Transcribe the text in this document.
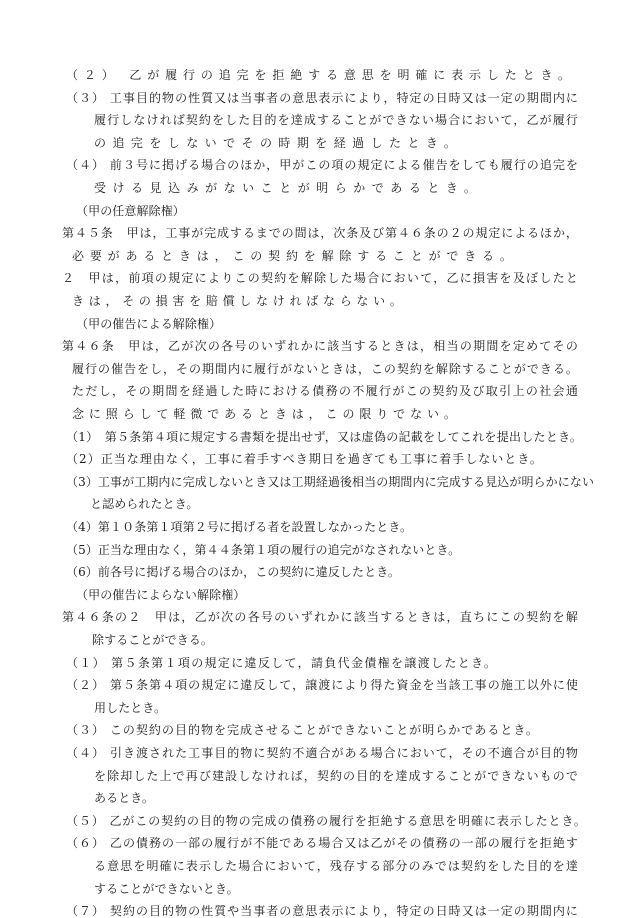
（２） 乙が履行の追完を拒絶する意思を明確に表示したとき。
（３） 工事目的物の性質又は当事者の意思表示により，特定の日時又は一定の期間内に
履行しなければ契約をした目的を達成することができない場合において，乙が履行
の追完をしないでその時期を経過したとき。
（４） 前３号に掲げる場合のほか，甲がこの項の規定による催告をしても履行の追完を
受ける見込みがないことが明らかであるとき。
（甲の任意解除権）
第４５条　甲は，工事が完成するまでの間は，次条及び第４６条の２の規定によるほか，
必要があるときは，この契約を解除することができる。
２　甲は，前項の規定によりこの契約を解除した場合において，乙に損害を及ぼしたと
きは，その損害を賠償しなければならない。
（甲の催告による解除権）
第４６条　甲は，乙が次の各号のいずれかに該当するときは，相当の期間を定めてその
履行の催告をし，その期間内に履行がないときは，この契約を解除することができる。
ただし，その期間を経過した時における債務の不履行がこの契約及び取引上の社会通
念に照らして軽微であるときは，この限りでない。
（1）　第５条第４項に規定する書類を提出せず，又は虚偽の記載をしてこれを提出したとき。
（2）正当な理由なく，工事に着手すべき期日を過ぎても工事に着手しないとき。
（3）工事が工期内に完成しないとき又は工期経過後相当の期間内に完成する見込が明らかにない
と認められたとき。
（4）第１０条第１項第２号に掲げる者を設置しなかったとき。
（5）正当な理由なく，第４４条第１項の履行の追完がなされないとき。
（6）前各号に掲げる場合のほか，この契約に違反したとき。
（甲の催告によらない解除権）
第４６条の２　甲は，乙が次の各号のいずれかに該当するときは，直ちにこの契約を解
除することができる。
（１） 第５条第１項の規定に違反して，請負代金債権を譲渡したとき。
（２） 第５条第４項の規定に違反して，譲渡により得た資金を当該工事の施工以外に使
用したとき。
（３） この契約の目的物を完成させることができないことが明らかであるとき。
（４） 引き渡された工事目的物に契約不適合がある場合において，その不適合が目的物
を除却した上で再び建設しなければ，契約の目的を達成することができないもので
あるとき。
（５） 乙がこの契約の目的物の完成の債務の履行を拒絶する意思を明確に表示したとき。
（６） 乙の債務の一部の履行が不能である場合又は乙がその債務の一部の履行を拒絶す
る意思を明確に表示した場合において，残存する部分のみでは契約をした目的を達
することができないとき。
（７） 契約の目的物の性質や当事者の意思表示により，特定の日時又は一定の期間内に
